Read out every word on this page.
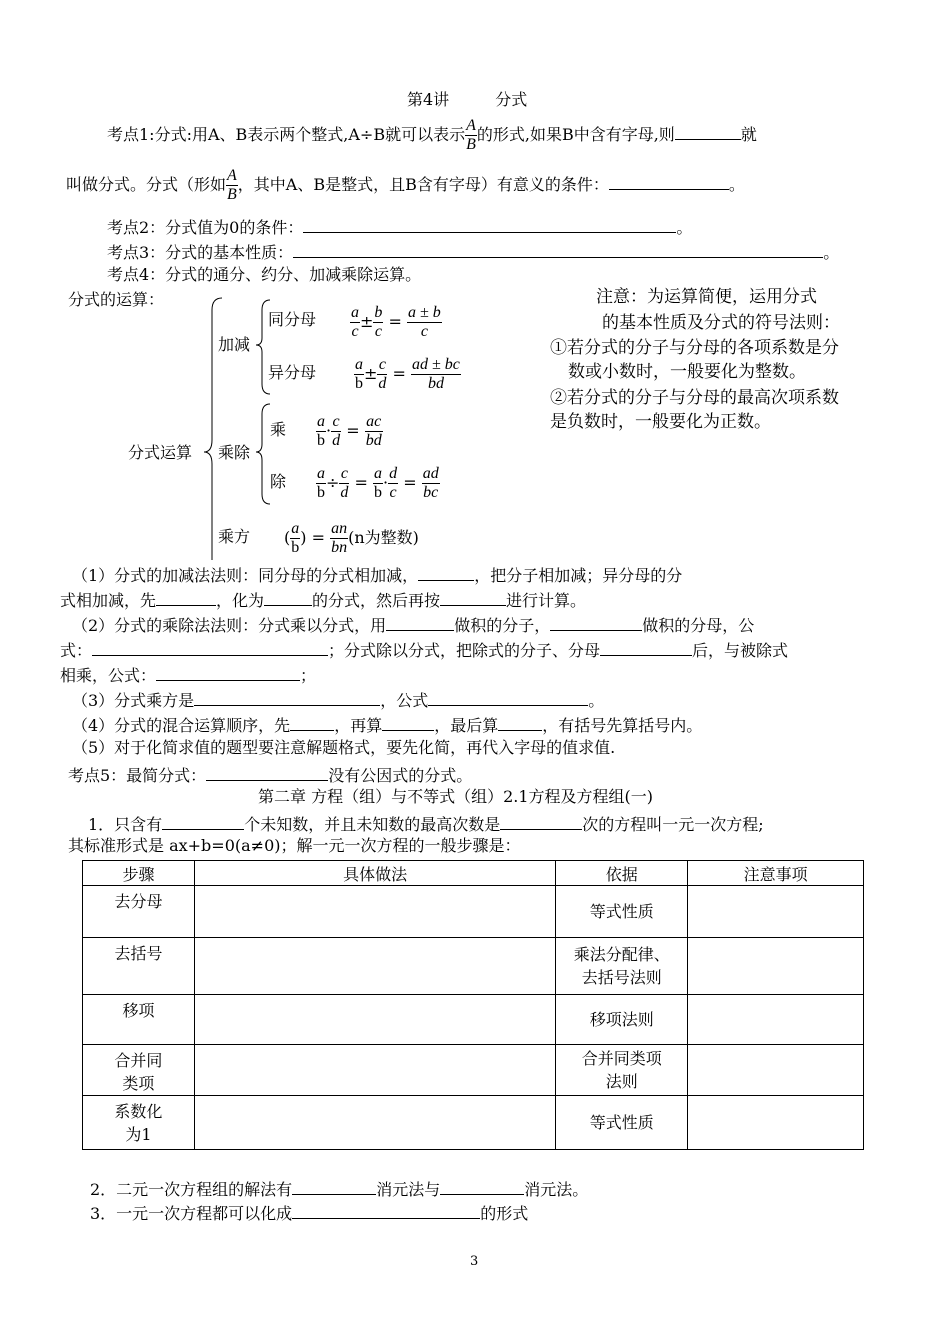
第4讲	分式
考点1:分式:用A、B表示两个整式,A÷B就可以表示 $\frac{A}{B}$ 的形式,如果B中含有字母,则	就
叫做分式。分式（形如 $\frac{A}{B}$ ，其中A、B是整式，且B含有字母）有意义的条件：	。
考点2：分式值为0的条件：	。
考点3：分式的基本性质：	。
考点4：分式的通分、约分、加减乘除运算。
分式的运算：
分式运算
加减
乘除
同分母 $\frac{a}{c} \pm \frac{b}{c} = \frac{a \pm b}{c}$
异分母 $\frac{a}{b} \pm \frac{c}{d} = \frac{ad \pm bc}{bd}$
乘 $\frac{a}{b} \cdot \frac{c}{d} = \frac{ac}{bd}$
除 $\frac{a}{b} \div \frac{c}{d} = \frac{a}{b} \cdot \frac{d}{c} = \frac{ad}{bc}$
乘方 ( $\frac{a}{b}$ ) = $\frac{an}{bn} (n$为整数)
注意：为运算简便，运用分式
的基本性质及分式的符号法则：
①若分式的分子与分母的各项系数是分
数或小数时，一般要化为整数。
②若分式的分子与分母的最高次项系数
是负数时，一般要化为正数。
（1）分式的加减法法则：同分母的分式相加减，	，把分子相加减；异分母的分
式相加减，先	，化为	的分式，然后再按	进行计算。
（2）分式的乘除法法则：分式乘以分式，用	做积的分子，	做积的分母，公
式：	；分式除以分式，把除式的分子、分母	后，与被除式
相乘，公式：	；
（3）分式乘方是	，公式	。
（4）分式的混合运算顺序，先	，再算	，最后算	，有括号先算括号内。
（5）对于化简求值的题型要注意解题格式，要先化简，再代入字母的值求值.
考点5：最简分式：	没有公因式的分式。
第二章 方程（组）与不等式（组）2.1方程及方程组(一)
1．只含有	个未知数，并且未知数的最高次数是	次的方程叫一元一次方程;
其标准形式是 ax+b=0(a≠0)；解一元一次方程的一般步骤是：
步骤	具体做法	依据	注意事项
去分母		等式性质	
去括号		乘法分配律、去括号法则	

移项		移项法则	

合并同类项		合并同类项法则	

系数化为1		等式性质	
2．二元一次方程组的解法有	消元法与	消元法。
3．一元一次方程都可以化成	的形式
3
